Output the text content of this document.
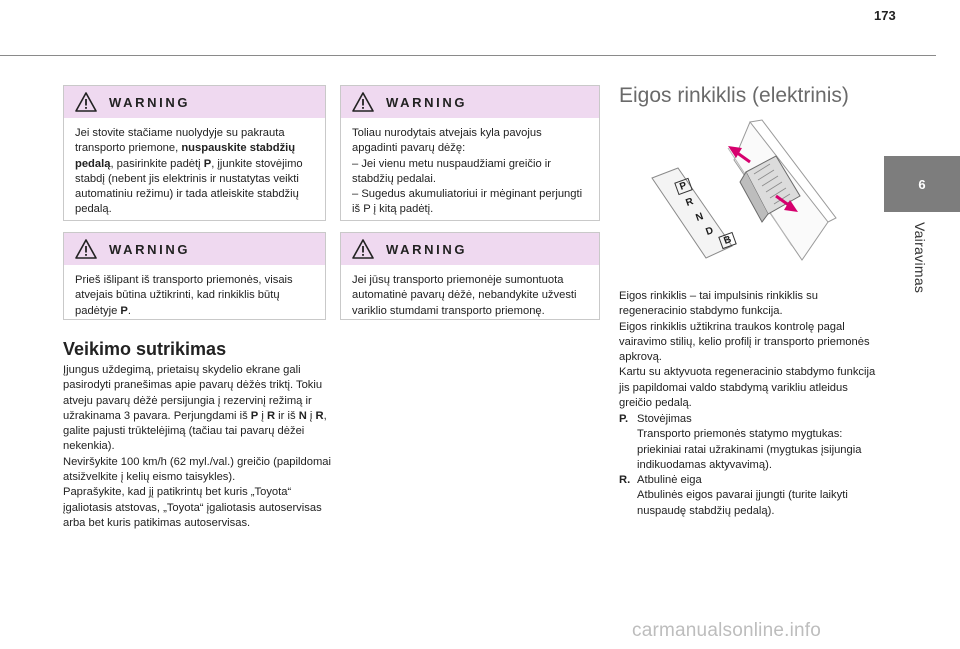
173
6
Vairavimas
WARNING
Jei stovite stačiame nuolydyje su pakrauta transporto priemone, nuspauskite stabdžių pedalą, pasirinkite padėtį P, įjunkite stovėjimo stabdį (nebent jis elektrinis ir nustatytas veikti automatiniu režimu) ir tada atleiskite stabdžių pedalą.
WARNING
Prieš išlipant iš transporto priemonės, visais atvejais būtina užtikrinti, kad rinkiklis būtų padėtyje P.
Veikimo sutrikimas

Įjungus uždegimą, prietaisų skydelio ekrane gali pasirodyti pranešimas apie pavarų dėžės triktį. Tokiu atveju pavarų dėžė persijungia į rezervinį režimą ir užrakinama 3 pavara. Perjungdami iš P į R ir iš N į R, galite pajusti trūktelėjimą (tačiau tai pavarų dėžei nekenkia).
Neviršykite 100 km/h (62 myl./val.) greičio (papildomai atsižvelkite į kelių eismo taisykles).
Paprašykite, kad jį patikrintų bet kuris „Toyota“ įgaliotasis atstovas, „Toyota“ įgaliotasis autoservisas arba bet kuris patikimas autoservisas.

WARNING

Toliau nurodytais atvejais kyla pavojus apgadinti pavarų dėžę:

– Jei vienu metu nuspaudžiami greičio ir stabdžių pedalai.

– Sugedus akumuliatoriui ir mėginant perjungti iš P į kitą padėtį.

WARNING

Jei jūsų transporto priemonėje sumontuota automatinė pavarų dėžė, nebandykite užvesti variklio stumdami transporto priemonę.

Eigos rinkiklis (elektrinis)
P
R
N
D
B

Eigos rinkiklis – tai impulsinis rinkiklis su regeneracinio stabdymo funkcija.
Eigos rinkiklis užtikrina traukos kontrolę pagal vairavimo stilių, kelio profilį ir transporto priemonės apkrovą.
Kartu su aktyvuota regeneracinio stabdymo funkcija jis papildomai valdo stabdymą varikliu atleidus greičio pedalą.

P. Stovėjimas
Transporto priemonės statymo mygtukas: priekiniai ratai užrakinami (mygtukas įsijungia indikuodamas aktyvavimą).
R. Atbulinė eiga
Atbulinės eigos pavarai įjungti (turite laikyti nuspaudę stabdžių pedalą).
carmanualsonline.info
